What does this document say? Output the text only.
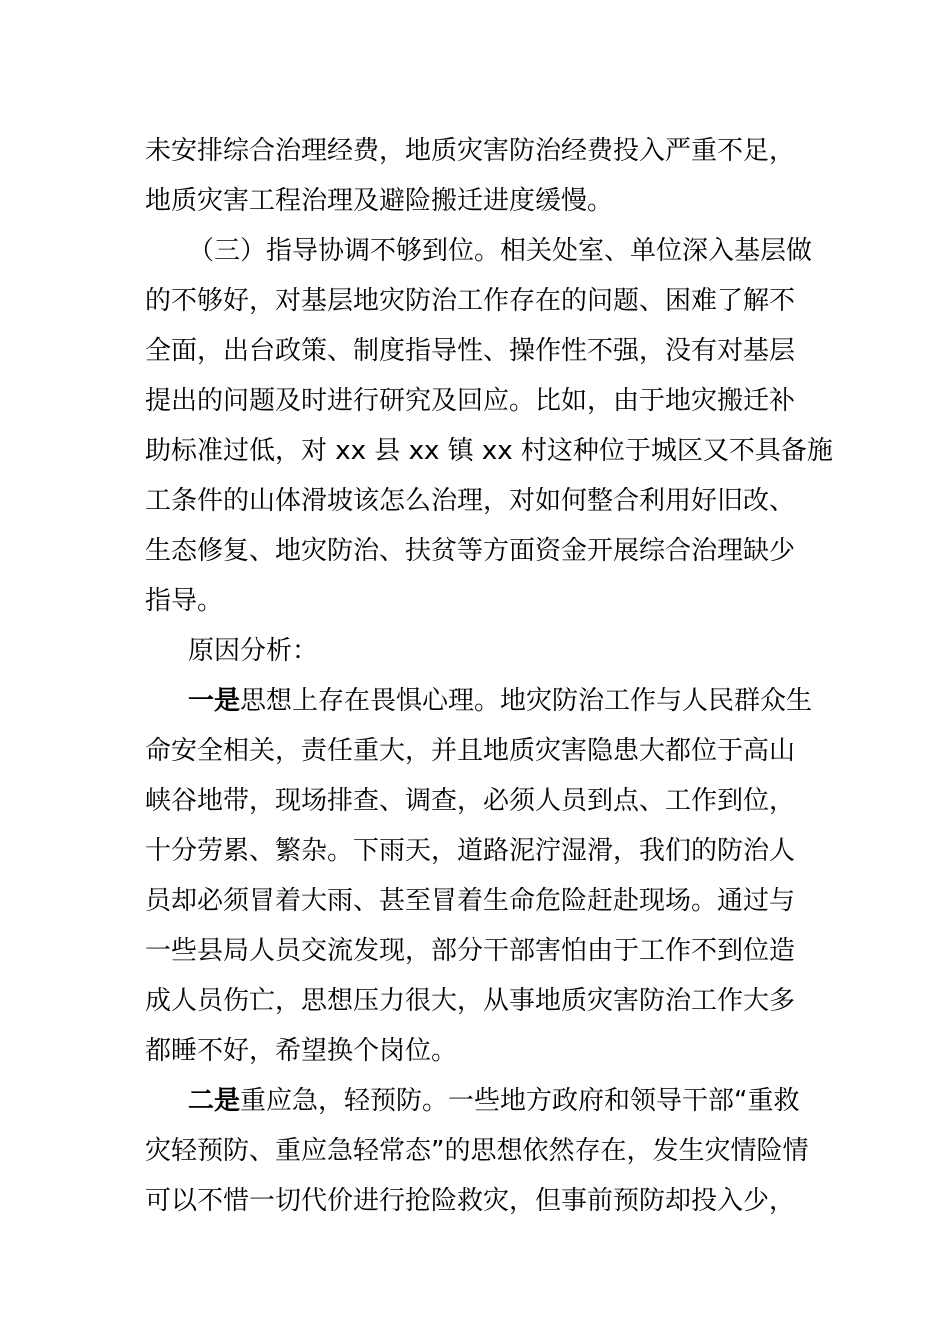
未安排综合治理经费，地质灾害防治经费投入严重不足，
地质灾害工程治理及避险搬迁进度缓慢。
（三）指导协调不够到位。相关处室、单位深入基层做
的不够好，对基层地灾防治工作存在的问题、困难了解不
全面，出台政策、制度指导性、操作性不强，没有对基层
提出的问题及时进行研究及回应。比如，由于地灾搬迁补
助标准过低，对 xx 县 xx 镇 xx 村这种位于城区又不具备施
工条件的山体滑坡该怎么治理，对如何整合利用好旧改、
生态修复、地灾防治、扶贫等方面资金开展综合治理缺少
指导。
原因分析：
一是思想上存在畏惧心理。地灾防治工作与人民群众生
命安全相关，责任重大，并且地质灾害隐患大都位于高山
峡谷地带，现场排查、调查，必须人员到点、工作到位，
十分劳累、繁杂。下雨天，道路泥泞湿滑，我们的防治人
员却必须冒着大雨、甚至冒着生命危险赶赴现场。通过与
一些县局人员交流发现，部分干部害怕由于工作不到位造
成人员伤亡，思想压力很大，从事地质灾害防治工作大多
都睡不好，希望换个岗位。
二是重应急，轻预防。一些地方政府和领导干部“重救
灾轻预防、重应急轻常态”的思想依然存在，发生灾情险情
可以不惜一切代价进行抢险救灾，但事前预防却投入少，
